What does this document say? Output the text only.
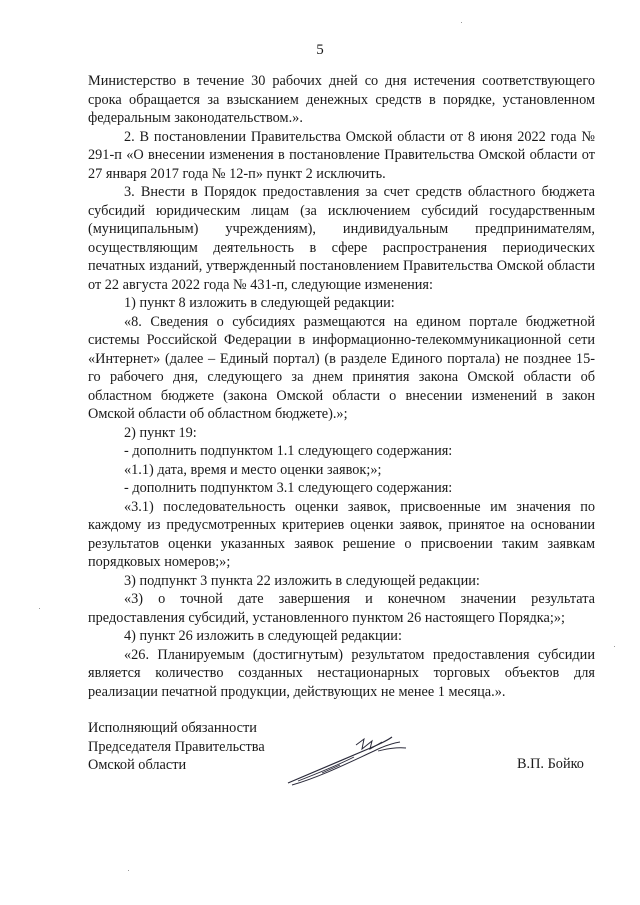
5

Министерство в течение 30 рабочих дней со дня истечения соответствующего срока обращается за взысканием денежных средств в порядке, установленном федеральным законодательством.».

2. В постановлении Правительства Омской области от 8 июня 2022 года № 291-п «О внесении изменения в постановление Правительства Омской области от 27 января 2017 года № 12-п» пункт 2 исключить.

3. Внести в Порядок предоставления за счет средств областного бюджета субсидий юридическим лицам (за исключением субсидий государственным (муниципальным) учреждениям), индивидуальным предпринимателям, осуществляющим деятельность в сфере распространения периодических печатных изданий, утвержденный постановлением Правительства Омской области от 22 августа 2022 года № 431-п, следующие изменения:

1) пункт 8 изложить в следующей редакции:

«8. Сведения о субсидиях размещаются на едином портале бюджетной системы Российской Федерации в информационно-телекоммуникационной сети «Интернет» (далее – Единый портал) (в разделе Единого портала) не позднее 15-го рабочего дня, следующего за днем принятия закона Омской области об областном бюджете (закона Омской области о внесении изменений в закон Омской области об областном бюджете).»;

2) пункт 19:

- дополнить подпунктом 1.1 следующего содержания:

«1.1) дата, время и место оценки заявок;»;

- дополнить подпунктом 3.1 следующего содержания:

«3.1) последовательность оценки заявок, присвоенные им значения по каждому из предусмотренных критериев оценки заявок, принятое на основании результатов оценки указанных заявок решение о присвоении таким заявкам порядковых номеров;»;

3) подпункт 3 пункта 22 изложить в следующей редакции:

«3) о точной дате завершения и конечном значении результата предоставления субсидий, установленного пунктом 26 настоящего Порядка;»;

4) пункт 26 изложить в следующей редакции:

«26. Планируемым (достигнутым) результатом предоставления субсидии является количество созданных нестационарных торговых объектов для реализации печатной продукции, действующих не менее 1 месяца.».

Исполняющий обязанности
Председателя Правительства
Омской области	В.П. Бойко
